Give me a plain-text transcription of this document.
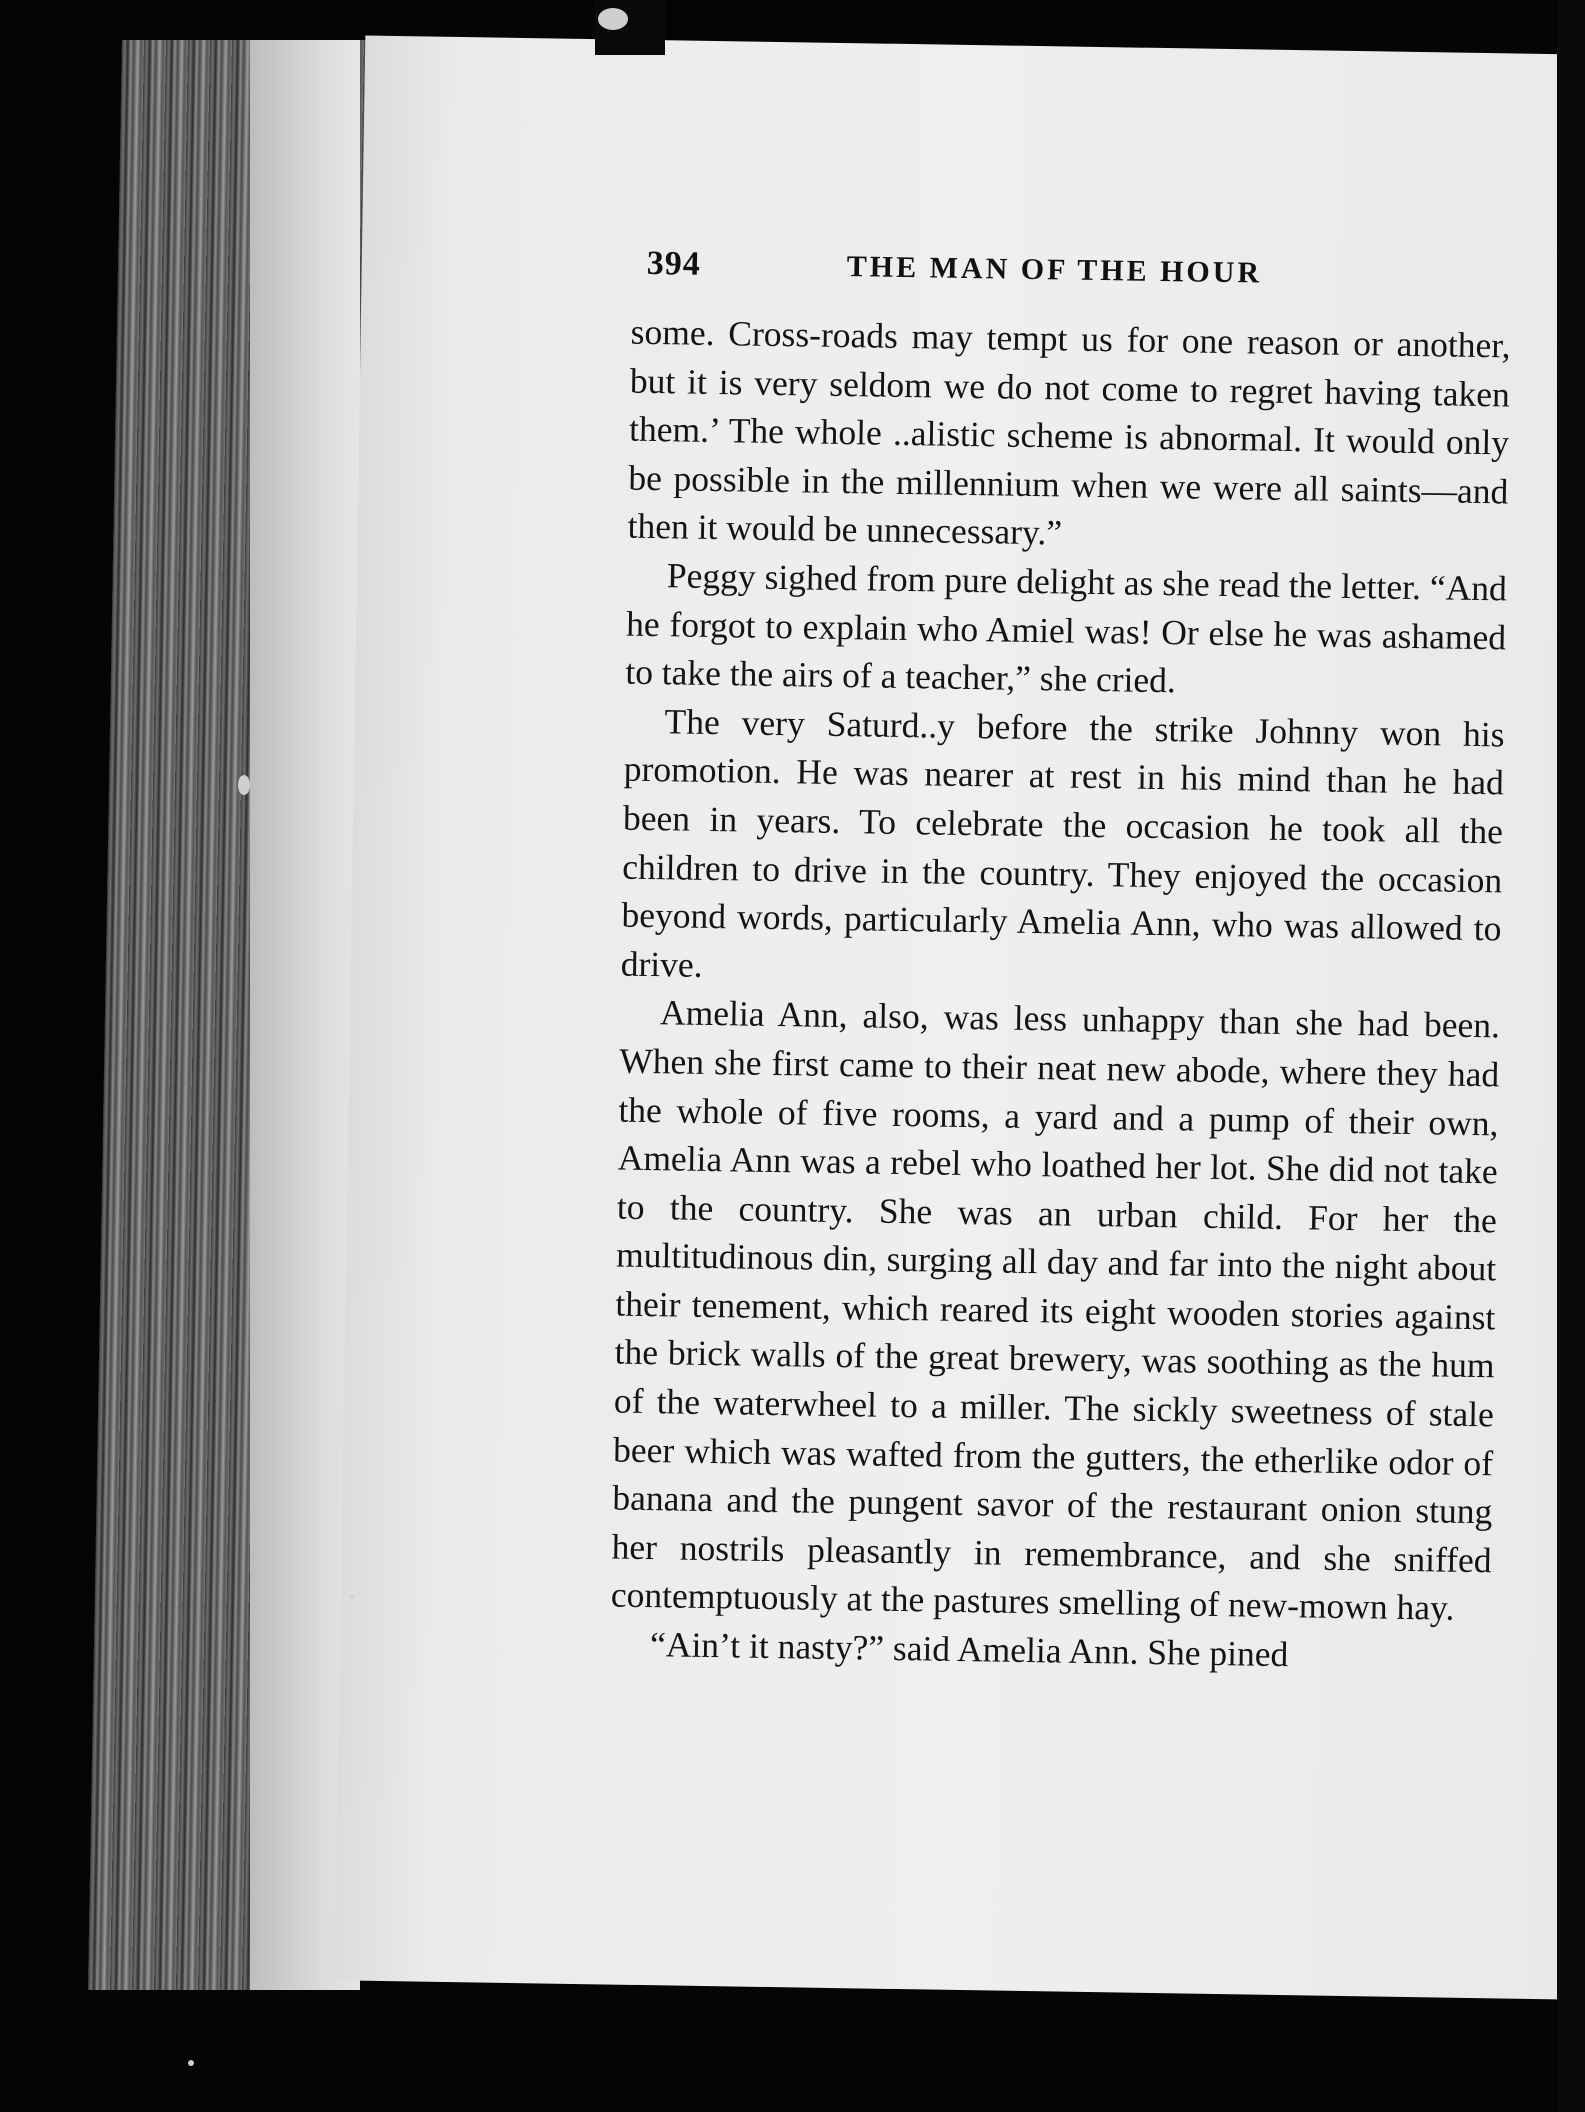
394	THE MAN OF THE HOUR

some. Cross-roads may tempt us for one reason or another, but it is very seldom we do not come to regret having taken them.’ The whole ..alistic scheme is abnormal. It would only be possible in the millennium when we were all saints—and then it would be unnecessary.”

Peggy sighed from pure delight as she read the letter. “And he forgot to explain who Amiel was! Or else he was ashamed to take the airs of a teacher,” she cried.

The very Saturd..y before the strike Johnny won his promotion. He was nearer at rest in his mind than he had been in years. To celebrate the occasion he took all the children to drive in the country. They enjoyed the occasion beyond words, particularly Amelia Ann, who was allowed to drive.

Amelia Ann, also, was less unhappy than she had been. When she first came to their neat new abode, where they had the whole of five rooms, a yard and a pump of their own, Amelia Ann was a rebel who loathed her lot. She did not take to the country. She was an urban child. For her the multitudinous din, surging all day and far into the night about their tenement, which reared its eight wooden stories against the brick walls of the great brewery, was soothing as the hum of the waterwheel to a miller. The sickly sweetness of stale beer which was wafted from the gutters, the etherlike odor of banana and the pungent savor of the restaurant onion stung her nostrils pleasantly in remembrance, and she sniffed contemptuously at the pastures smelling of new-mown hay.

“Ain’t it nasty?” said Amelia Ann. She pined
